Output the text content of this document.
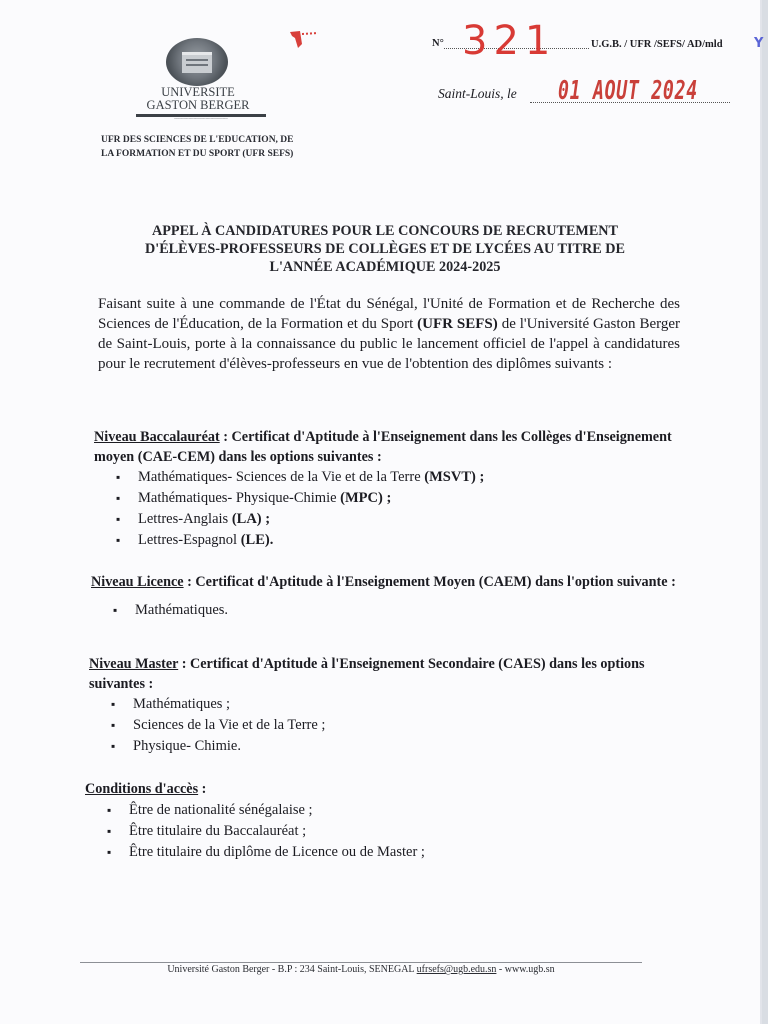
UNIVERSITE
GASTON BERGER
~~~~~~~~~~~~~~~~~~~~~~
UFR DES SCIENCES DE L'EDUCATION, DE
LA FORMATION ET DU SPORT (UFR SEFS)
N° 321	U.G.B. / UFR /SEFS/ AD/mld Y
Saint-Louis, le 01 AOUT 2024
APPEL À CANDIDATURES POUR LE CONCOURS DE RECRUTEMENT
D'ÉLÈVES-PROFESSEURS DE COLLÈGES ET DE LYCÉES AU TITRE DE
L'ANNÉE ACADÉMIQUE 2024-2025
Faisant suite à une commande de l'État du Sénégal, l'Unité de Formation et de Recherche des Sciences de l'Éducation, de la Formation et du Sport (UFR SEFS) de l'Université Gaston Berger de Saint-Louis, porte à la connaissance du public le lancement officiel de l'appel à candidatures pour le recrutement d'élèves-professeurs en vue de l'obtention des diplômes suivants :
Niveau Baccalauréat : Certificat d'Aptitude à l'Enseignement dans les Collèges d'Enseignement moyen (CAE-CEM) dans les options suivantes :
▪ Mathématiques- Sciences de la Vie et de la Terre (MSVT) ;
▪ Mathématiques- Physique-Chimie (MPC) ;
▪ Lettres-Anglais (LA) ;
▪ Lettres-Espagnol (LE).
Niveau Licence : Certificat d'Aptitude à l'Enseignement Moyen (CAEM) dans l'option suivante :
▪ Mathématiques.
Niveau Master : Certificat d'Aptitude à l'Enseignement Secondaire (CAES) dans les options suivantes :
▪ Mathématiques ;
▪ Sciences de la Vie et de la Terre ;
▪ Physique- Chimie.
Conditions d'accès :
▪ Être de nationalité sénégalaise ;
▪ Être titulaire du Baccalauréat ;
▪ Être titulaire du diplôme de Licence ou de Master ;
Université Gaston Berger - B.P : 234 Saint-Louis, SENEGAL ufrsefs@ugb.edu.sn - www.ugb.sn
